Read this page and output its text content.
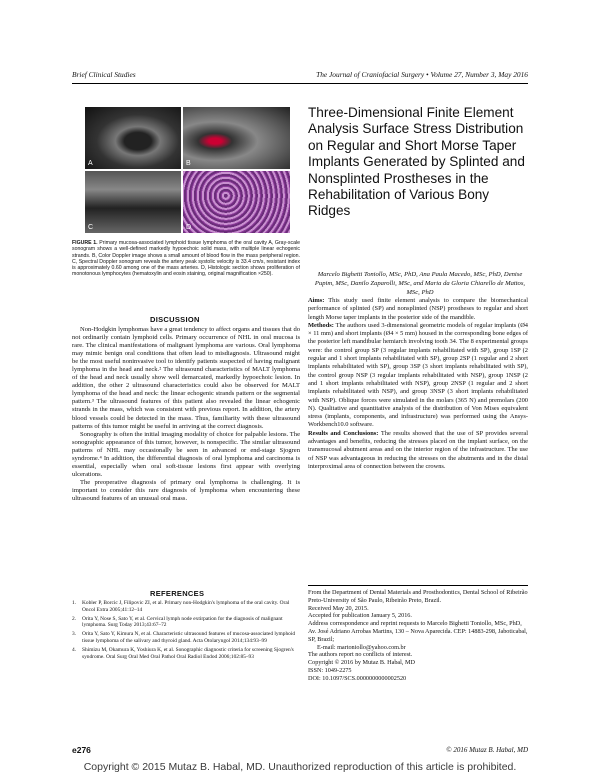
Brief Clinical Studies	The Journal of Craniofacial Surgery • Volume 27, Number 3, May 2016
A	B
C	D
FIGURE 1. Primary mucosa-associated lymphoid tissue lymphoma of the oral cavity A, Gray-scale sonogram shows a well-defined markedly hypoechoic solid mass, with multiple linear echogenic strands. B, Color Doppler image shows a small amount of blood flow in the mass peripheral region. C, Spectral Doppler sonogram reveals the artery peak systolic velocity is 33.4 cm/s, resistant index is approximately 0.60 among one of the mass arteries. D, Histologic section shows proliferation of monotonous lymphocytes (hematoxylin and eosin staining, original magnification ×250).
DISCUSSION

Non-Hodgkin lymphomas have a great tendency to affect organs and tissues that do not ordinarily contain lymphoid cells. Primary occurrence of NHL in oral mucosa is rare. The clinical manifestations of malignant lymphoma are various. Oral lymphoma may mimic benign oral conditions that often lead to misdiagnosis. Ultrasound might be the most useful noninvasive tool to identify patients suspected of having malignant lymphoma in the head and neck.² The ultrasound characteristics of MALT lymphoma of the head and neck usually show well demarcated, markedly hypoechoic lesion. In addition, the other 2 ultrasound characteristics could also be observed for MALT lymphoma of the head and neck: the linear echogenic strands pattern or the segmental pattern.³ The ultrasound features of this patient also revealed the linear echogenic strands in the mass, which was consistent with previous report. In addition, the artery blood vessels could be detected in the mass. Thus, familiarity with these ultrasound patterns of this tumor might be useful in arriving at the correct diagnosis.

Sonography is often the initial imaging modality of choice for palpable lesions. The sonographic appearance of this tumor, however, is nonspecific. The similar ultrasound patterns of NHL may occasionally be seen in advanced or end-stage Sjogren syndrome.⁴ In addition, the differential diagnosis of oral lymphoma and carcinoma is essential, especially when oral soft-tissue lesions first appear with overlying ulcerations.

The preoperative diagnosis of primary oral lymphoma is challenging. It is important to consider this rare diagnosis of lymphoma when encountering these ultrasound features of an unusual oral mass.

REFERENCES
1. Kobler P, Borcic J, Filipovic ZI, et al. Primary non-Hodgkin's lymphoma of the oral cavity. Oral Oncol Extra 2005;41:12–14
2. Orita Y, Nose S, Sato Y, et al. Cervical lymph node extirpation for the diagnosis of malignant lymphoma. Surg Today 2013;43:67–72
3. Orita Y, Sato Y, Kimura N, et al. Characteristic ultrasound features of mucosa-associated lymphoid tissue lymphoma of the salivary and thyroid gland. Acta Otolaryngol 2014;134:93–99
4. Shimizu M, Okamura K, Yoshiura K, et al. Sonographic diagnostic criteria for screening Sjogren's syndrome. Oral Surg Oral Med Oral Pathol Oral Radiol Endod 2006;102:85–93
Three-Dimensional Finite Element Analysis Surface Stress Distribution on Regular and Short Morse Taper Implants Generated by Splinted and Nonsplinted Prostheses in the Rehabilitation of Various Bony Ridges
Marcelo Bighetti Toniollo, MSc, PhD, Ana Paula Macedo, MSc, PhD, Denise Pupim, MSc, Danilo Zaparolli, MSc, and Maria da Gloria Chiarello de Mattos, MSc, PhD

Aims: This study used finite element analysis to compare the biomechanical performance of splinted (SP) and nonsplinted (NSP) prostheses to regular and short length Morse taper implants in the posterior side of the mandible.

Methods: The authors used 3-dimensional geometric models of regular implants (Ø4 × 11 mm) and short implants (Ø4 × 5 mm) housed in the corresponding bone edges of the posterior left mandibular hemiarch involving tooth 34. The 8 experimental groups were: the control group SP (3 regular implants rehabilitated with SP), group 1SP (2 regular and 1 short implants rehabilitated with SP), group 2SP (1 regular and 2 short implants rehabilitated with SP), group 3SP (3 short implants rehabilitated with SP), the control group NSP (3 regular implants rehabilitated with NSP), group 1NSP (2 and 1 short implants rehabilitated with NSP), group 2NSP (1 regular and 2 short implants rehabilitated with NSP), and group 3NSP (3 short implants rehabilitated with NSP). Oblique forces were simulated in the molars (365 N) and premolars (200 N). Qualitative and quantitative analysis of the distribution of Von Mises equivalent stress (implants, components, and infrastructure) was performed using the Ansys-Workbench10.0 software.

Results and Conclusions: The results showed that the use of SP provides several advantages and benefits, reducing the stresses placed on the implant surface, on the transmucosal abutment areas and on the interior region of the infrastructure. The use of NSP was advantageous in reducing the stresses on the abutments and in the distal interproximal area of connection between the crowns.

From the Department of Dental Materials and Prosthodontics, Dental School of Ribeirão Preto-University of São Paulo, Ribeirão Preto, Brazil.
Received May 20, 2015.
Accepted for publication January 5, 2016.
Address correspondence and reprint requests to Marcelo Bighetti Toniollo, MSc, PhD, Av. José Adriano Arrobas Martins, 130 – Nova Aparecida. CEP: 14883-298, Jaboticabal, SP, Brazil;
E-mail: martoniollo@yahoo.com.br
The authors report no conflicts of interest.
Copyright © 2016 by Mutaz B. Habal, MD
ISSN: 1049-2275
DOI: 10.1097/SCS.0000000000002520
e276	© 2016 Mutaz B. Habal, MD
Copyright © 2015 Mutaz B. Habal, MD. Unauthorized reproduction of this article is prohibited.
